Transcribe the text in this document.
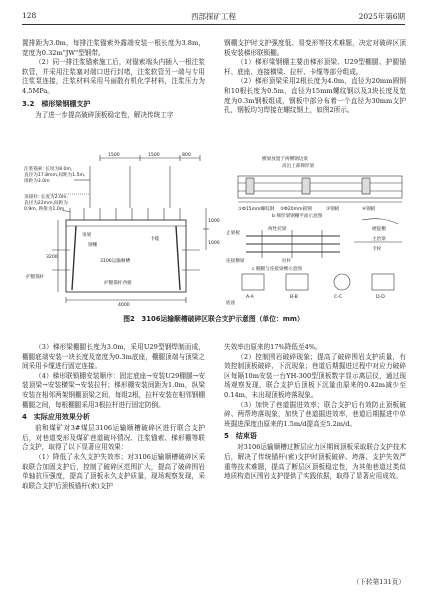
128	西部探矿工程	2025年第6期

置排距为3.0m，每排注浆锚索外露端安装一根长度为3.8m，宽度为0.32m"JW"型钢带。

（2）同一排注浆锚索施工后，对锚索端头内插入一根注浆软管，并采用注浆塞对端口进行封堵，注浆软管另一端与专用注浆泵连接，注浆材料采用马丽散有机化学材料，注浆压力为4.5MPa。

3.2　梯形梁钢棚支护

为了进一步提高破碎顶板稳定性，解决传统工字

钢棚支护时支护强度低、易变形等技术难题，决定对破碎区顶板安装梯形联锁棚。

（1）梯形梁钢棚主要由梯形顶梁、U29型棚腿、护腿锚杆、底座、连接横梁、拉杆、卡缆等部分组成。

（2）梯形顶梁采用2根长度为4.0m，直径为20mm圆钢和10根长度为0.5m，直径为15mm螺纹钢以及3块长度及宽度为0.3m钢板组成，钢板中部分布着一个直径为30mm支护孔，钢板均匀焊接在螺纹钢上，如图2所示。

1500	1500	800
注浆锚索: 长度为8.0m，
直径为17.8mm,间距为1.5m,
排距为3.0m
顶锚杆: 长度为2.0m,
直径为22mm,间距为
0.9m, 距排为1.0m
1000
1000
4000
3200
顶梁
钢棚
卡缆
3106运输顺槽
护腿锚杆
护腿锚杆西板
横梁放置于两侧钢边梁
高出上部梯形梁
①Φ15mm螺纹钢 ②Φ20mm圆钢	③钢板	④钢板
b 梯形梁钢棚平面示意图
止梁板
两性托梁	硬提棚
主治梁
卡栓
拉杆
连接横梁
c 棚腿与连接梁侧示意图
A-A	B-B	C-C	D-D
底座
图2　3106运输顺槽破碎区联合支护示意图（单位：mm）

（3）梯形梁棚腿长度为3.0m，采用U29型钢焊制而成，棚腿底端安装一块长度及宽度为0.3m底座，棚腿顶端与顶梁之间采用卡缆进行固定连接。

（4）梯形联锁棚安装顺序：固定底座→安装U29棚腿→安装顶梁→安装横梁→安装拉杆；梯形棚安装间距为1.0m，纵梁安装在相邻两架钢棚顶梁之间，每组2根，拉杆安装在相邻钢棚棚腿之间，每根棚腿采用3根拉杆进行固定防倒。

4　实际应用效果分析

前和煤矿对3#煤层3106运输顺槽破碎区进行联合支护后，对巷道变形及煤矿巷道破坏情况、注浆锚索、梯形棚等联合支护，取得了以下显著应用效果：

（1）降低了永久支护失效率；对3106运输顺槽破碎区采取联合加固支护后，控制了破碎区范围扩大，提高了破碎围岩单轴抗压强度，提高了顶板永久支护质量，现场观察发现，采取联合支护后顶板锚杆(索)支护

失效率由原来的17%降低至4%。

（2）控制围岩破碎现象；提高了破碎围岩支护质量，有效控制顶板破碎、下沉现象；巷道后期掘进过程中对应力破碎区每隔10m安装一台YH-300型顶板数字显示离层仪，通过现场观察发现，联合支护后顶板下沉量由原来的0.42m减少至0.14m，未出现顶板垮落现象。

（3）加快了巷道掘进效率；联合支护后有效防止顶板破碎、两帮垮落现象，加快了巷道掘进效率，巷道后期掘进中单班掘进深度由原来的1.5m/d提高至5.2m/d。

5　结束语

对3106运输顺槽过断层应力区期间顶板采取联合支护技术后，解决了传统锚杆(索)支护时顶板破碎、垮落、支护失效严重等技术难题，提高了断层区顶板稳定性，为其他巷道过类似地质构造区围岩支护提供了实践依据，取得了显著应用成效。

（下转第131页）
